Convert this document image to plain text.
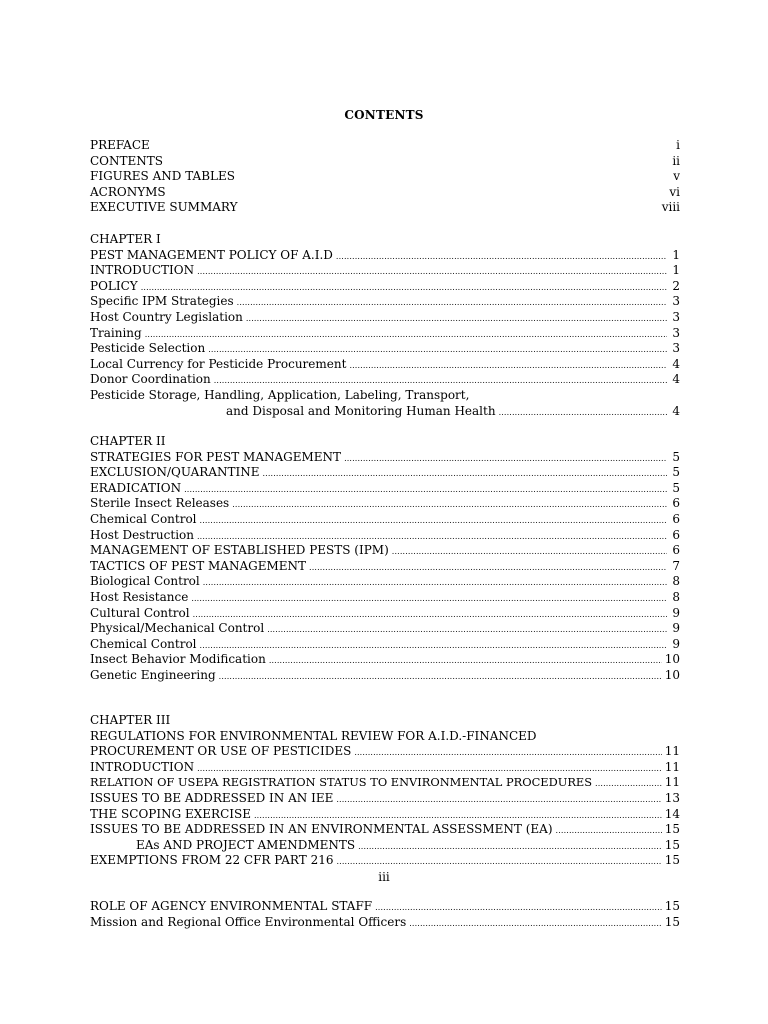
CONTENTS
PREFACE	i
CONTENTS	ii
FIGURES AND TABLES	v
ACRONYMS	vi
EXECUTIVE SUMMARY	viii
CHAPTER I
PEST MANAGEMENT POLICY OF A.I.D . . .	1
INTRODUCTION . . .	1
POLICY . . .	2
Specific IPM Strategies . . .	3
Host Country Legislation . . .	3
Training . . .	3
Pesticide Selection . . .	3
Local Currency for Pesticide Procurement . . .	4
Donor Coordination . . .	4
Pesticide Storage, Handling, Application, Labeling, Transport,
and Disposal and Monitoring Human Health . . .	4
CHAPTER II
STRATEGIES FOR PEST MANAGEMENT . . .	5
EXCLUSION/QUARANTINE . . .	5
ERADICATION . . .	5
Sterile Insect Releases . . .	6
Chemical Control . . .	6
Host Destruction . . .	6
MANAGEMENT OF ESTABLISHED PESTS (IPM) . . .	6
TACTICS OF PEST MANAGEMENT . . .	7
Biological Control . . .	8
Host Resistance . . .	8
Cultural Control . . .	9
Physical/Mechanical Control . . .	9
Chemical Control . . .	9
Insect Behavior Modification . . .	10
Genetic Engineering . . .	10
CHAPTER III
REGULATIONS FOR ENVIRONMENTAL REVIEW FOR A.I.D.-FINANCED
PROCUREMENT OR USE OF PESTICIDES . . .	11
INTRODUCTION . . .	11
RELATION OF USEPA REGISTRATION STATUS TO ENVIRONMENTAL PROCEDURES . . .	11
ISSUES TO BE ADDRESSED IN AN IEE . . .	13
THE SCOPING EXERCISE . . .	14
ISSUES TO BE ADDRESSED IN AN ENVIRONMENTAL ASSESSMENT (EA) . . .	15
EAs AND PROJECT AMENDMENTS . . .	15
EXEMPTIONS FROM 22 CFR PART 216 . . .	15
iii
ROLE OF AGENCY ENVIRONMENTAL STAFF . . .	15
Mission and Regional Office Environmental Officers . . .	15
